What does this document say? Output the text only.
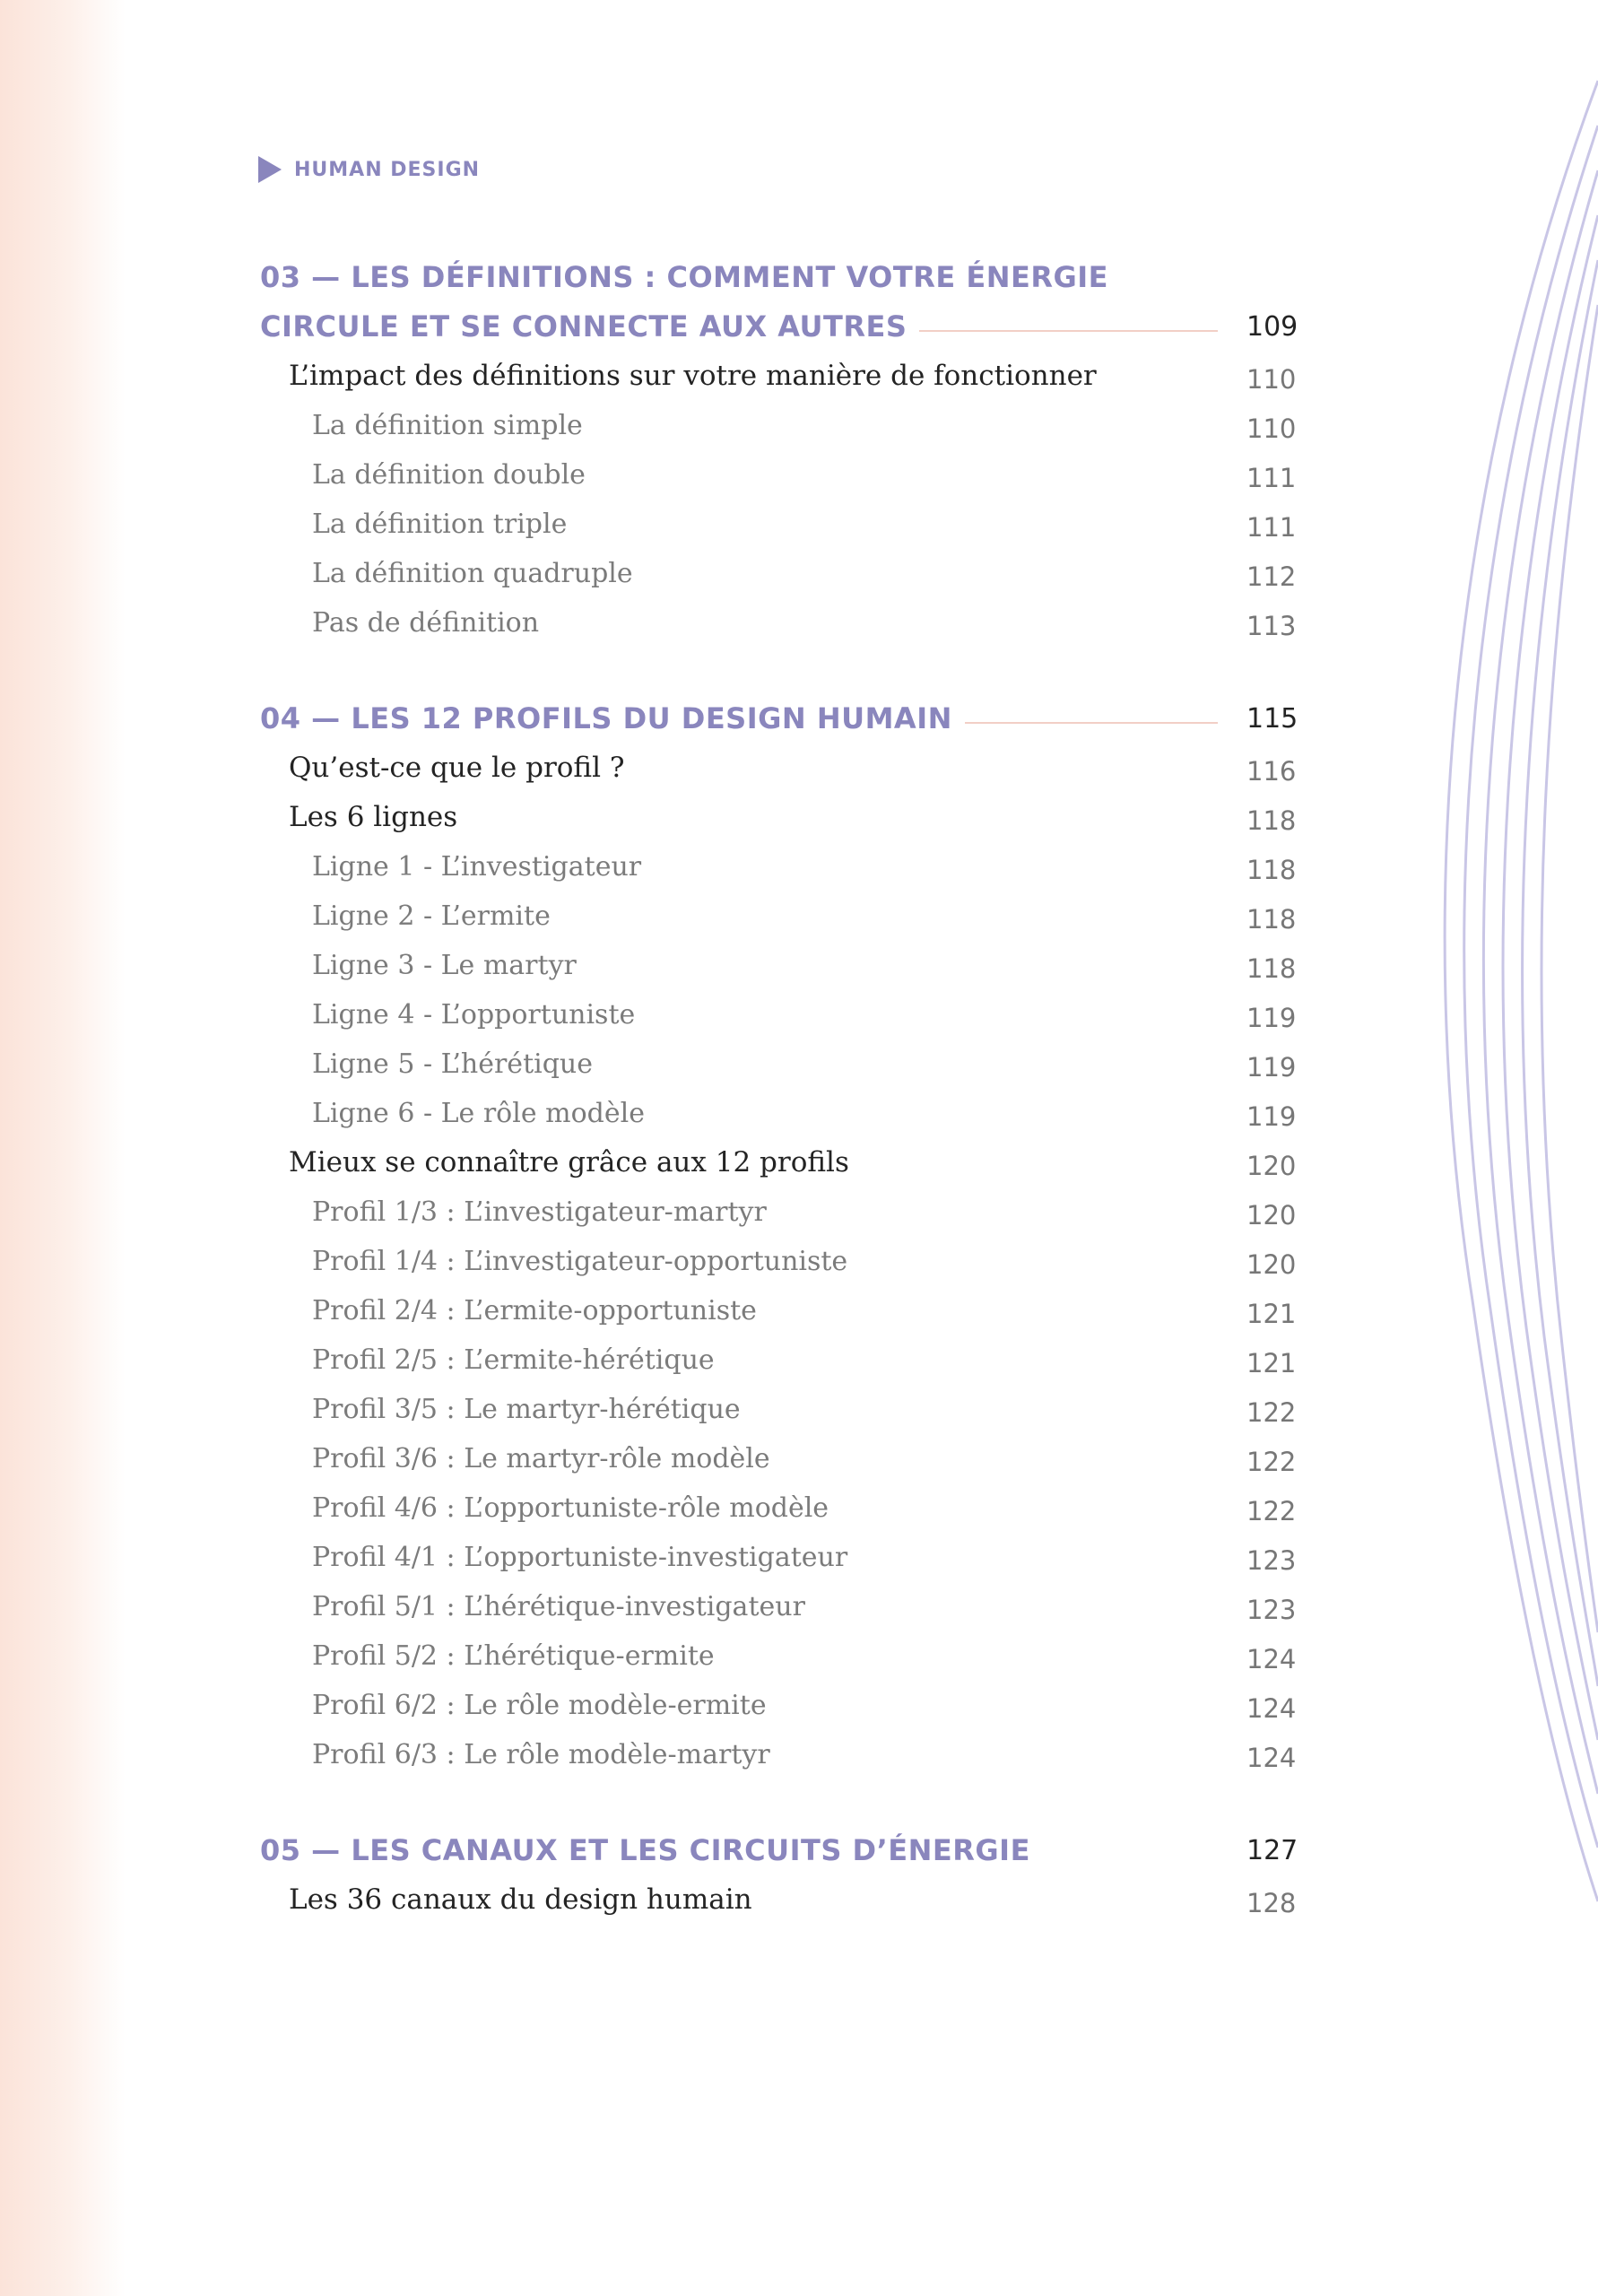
HUMAN DESIGN
03 — LES DÉFINITIONS : COMMENT VOTRE ÉNERGIE
CIRCULE ET SE CONNECTE AUX AUTRES	109
L’impact des définitions sur votre manière de fonctionner	110
La définition simple	110
La définition double	111
La définition triple	111
La définition quadruple	112
Pas de définition	113
04 — LES 12 PROFILS DU DESIGN HUMAIN	115
Qu’est-ce que le profil ?	116
Les 6 lignes	118
Ligne 1 - L’investigateur	118
Ligne 2 - L’ermite	118
Ligne 3 - Le martyr	118
Ligne 4 - L’opportuniste	119
Ligne 5 - L’hérétique	119
Ligne 6 - Le rôle modèle	119
Mieux se connaître grâce aux 12 profils	120
Profil 1/3 : L’investigateur-martyr	120
Profil 1/4 : L’investigateur-opportuniste	120
Profil 2/4 : L’ermite-opportuniste	121
Profil 2/5 : L’ermite-hérétique	121
Profil 3/5 : Le martyr-hérétique	122
Profil 3/6 : Le martyr-rôle modèle	122
Profil 4/6 : L’opportuniste-rôle modèle	122
Profil 4/1 : L’opportuniste-investigateur	123
Profil 5/1 : L’hérétique-investigateur	123
Profil 5/2 : L’hérétique-ermite	124
Profil 6/2 : Le rôle modèle-ermite	124
Profil 6/3 : Le rôle modèle-martyr	124
05 — LES CANAUX ET LES CIRCUITS D’ÉNERGIE	127
Les 36 canaux du design humain	128
